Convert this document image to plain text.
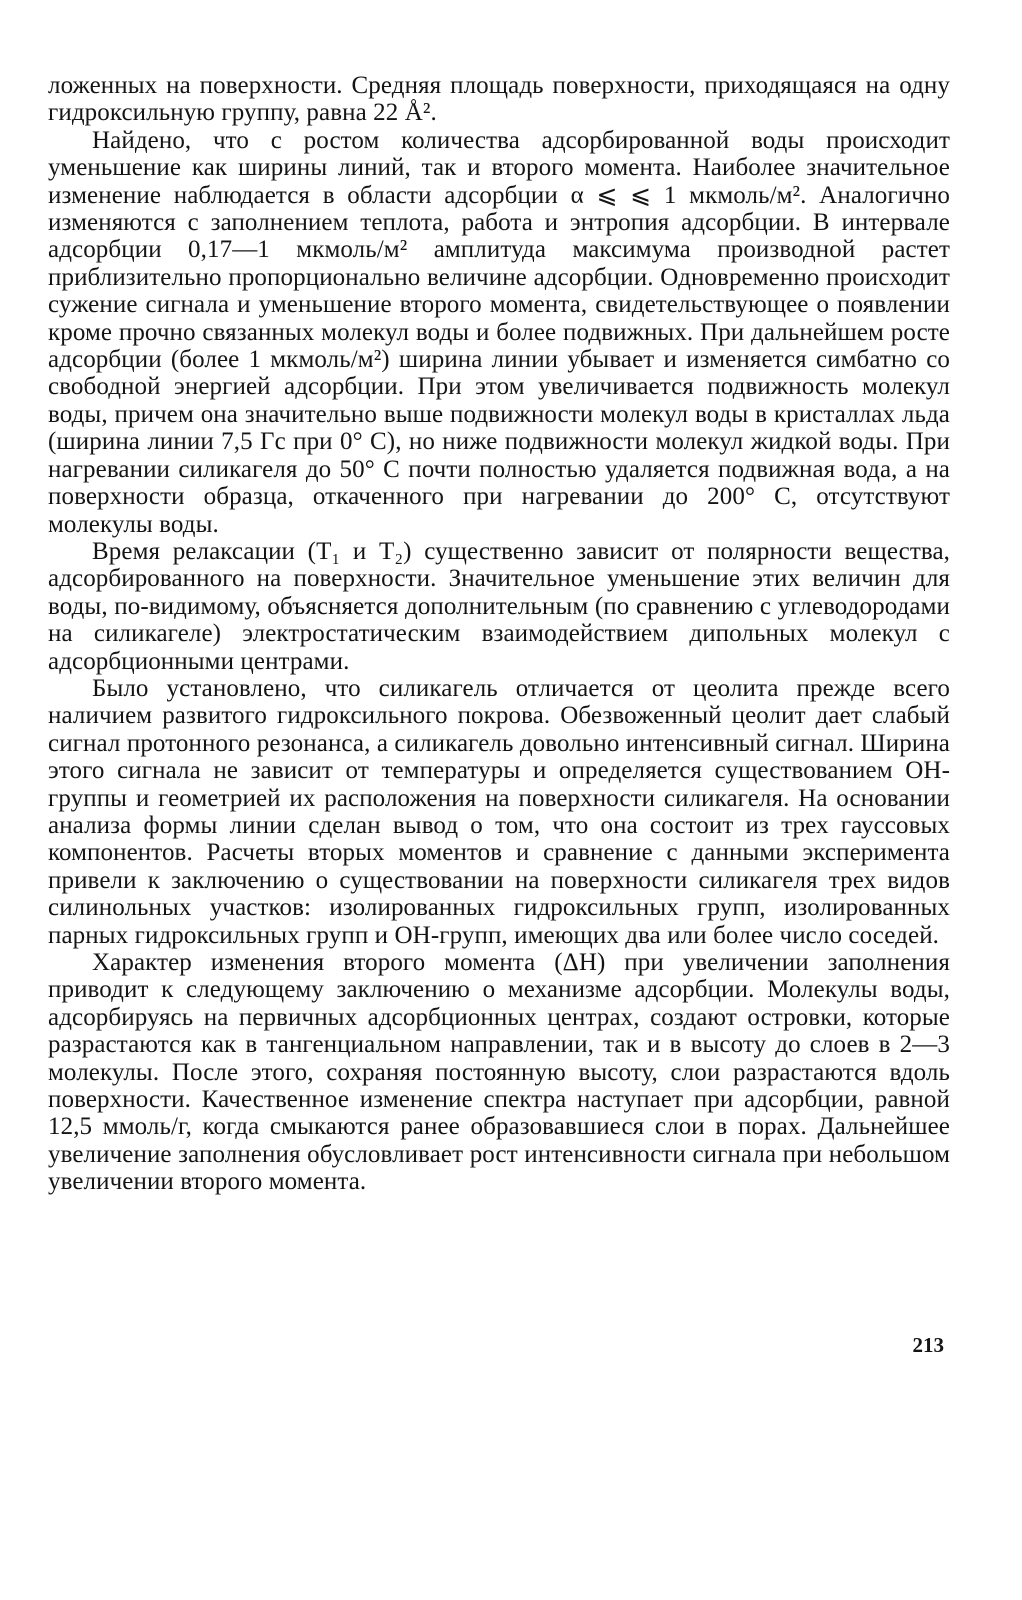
ложенных на поверхности. Средняя площадь поверхности, приходящаяся на одну гидроксильную группу, равна 22 Å².

Найдено, что с ростом количества адсорбированной воды происходит уменьшение как ширины линий, так и второго момента. Наиболее значительное изменение наблюдается в области адсорбции α ⩽ ⩽ 1 мкмоль/м². Аналогично изменяются с заполнением теплота, работа и энтропия адсорбции. В интервале адсорбции 0,17—1 мкмоль/м² амплитуда максимума производной растет приблизительно пропорционально величине адсорбции. Одновременно происходит сужение сигнала и уменьшение второго момента, свидетельствующее о появлении кроме прочно связанных молекул воды и более подвижных. При дальнейшем росте адсорбции (более 1 мкмоль/м²) ширина линии убывает и изменяется симбатно со свободной энергией адсорбции. При этом увеличивается подвижность молекул воды, причем она значительно выше подвижности молекул воды в кристаллах льда (ширина линии 7,5 Гс при 0° С), но ниже подвижности молекул жидкой воды. При нагревании силикагеля до 50° С почти полностью удаляется подвижная вода, а на поверхности образца, откаченного при нагревании до 200° С, отсутствуют молекулы воды.

Время релаксации (T₁ и T₂) существенно зависит от полярности вещества, адсорбированного на поверхности. Значительное уменьшение этих величин для воды, по-видимому, объясняется дополнительным (по сравнению с углеводородами на силикагеле) электростатическим взаимодействием дипольных молекул с адсорбционными центрами.

Было установлено, что силикагель отличается от цеолита прежде всего наличием развитого гидроксильного покрова. Обезвоженный цеолит дает слабый сигнал протонного резонанса, а силикагель довольно интенсивный сигнал. Ширина этого сигнала не зависит от температуры и определяется существованием ОН-группы и геометрией их расположения на поверхности силикагеля. На основании анализа формы линии сделан вывод о том, что она состоит из трех гауссовых компонентов. Расчеты вторых моментов и сравнение с данными эксперимента привели к заключению о существовании на поверхности силикагеля трех видов силинольных участков: изолированных гидроксильных групп, изолированных парных гидроксильных групп и ОН-групп, имеющих два или более число соседей.

Характер изменения второго момента (ΔH) при увеличении заполнения приводит к следующему заключению о механизме адсорбции. Молекулы воды, адсорбируясь на первичных адсорбционных центрах, создают островки, которые разрастаются как в тангенциальном направлении, так и в высоту до слоев в 2—3 молекулы. После этого, сохраняя постоянную высоту, слои разрастаются вдоль поверхности. Качественное изменение спектра наступает при адсорбции, равной 12,5 ммоль/г, когда смыкаются ранее образовавшиеся слои в порах. Дальнейшее увеличение заполнения обусловливает рост интенсивности сигнала при небольшом увеличении второго момента.

213
